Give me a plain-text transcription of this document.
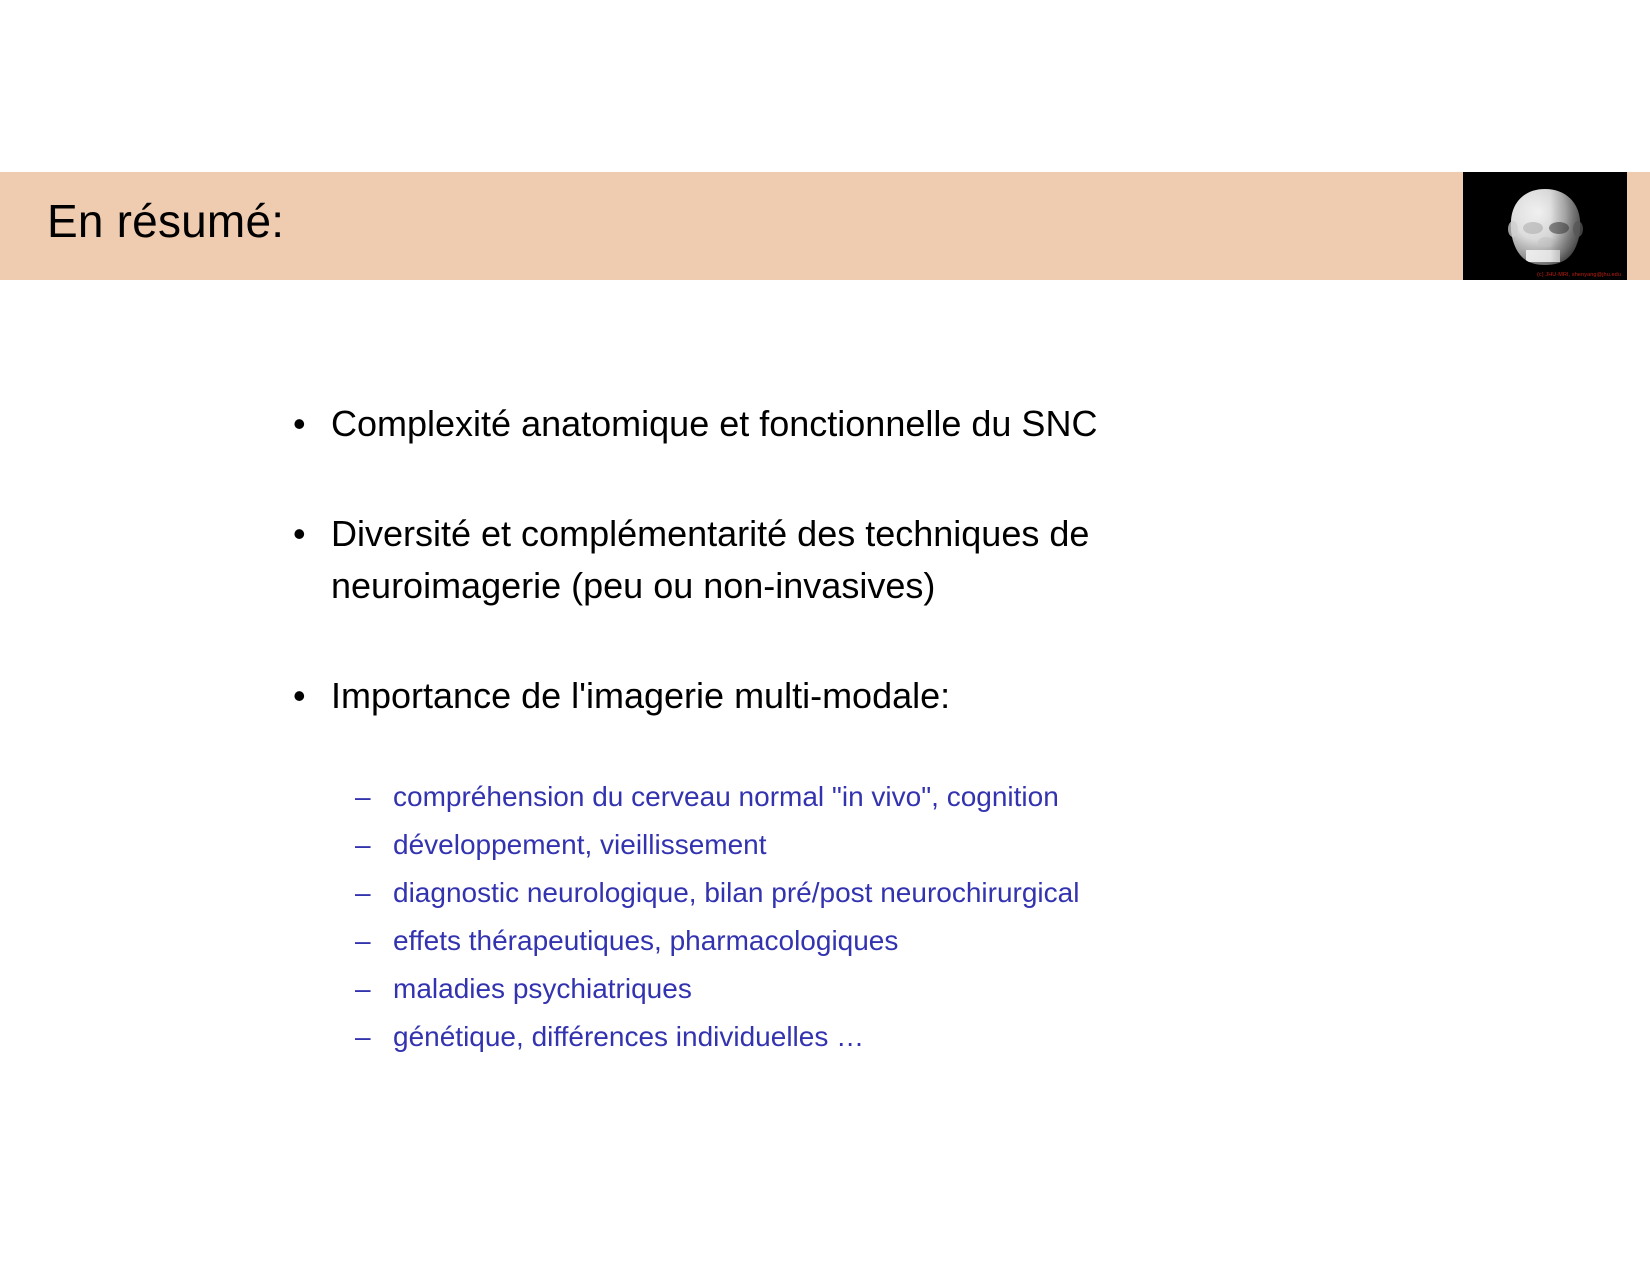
En résumé:
(c) JHU-MRI, shenyang@jhu.edu
• Complexité anatomique et fonctionnelle du SNC
• Diversité et complémentarité des techniques de neuroimagerie (peu ou non-invasives)
• Importance de l'imagerie multi-modale:
– compréhension du cerveau normal "in vivo", cognition
– développement, vieillissement
– diagnostic neurologique, bilan pré/post neurochirurgical
– effets thérapeutiques, pharmacologiques
– maladies psychiatriques
– génétique, différences individuelles …
